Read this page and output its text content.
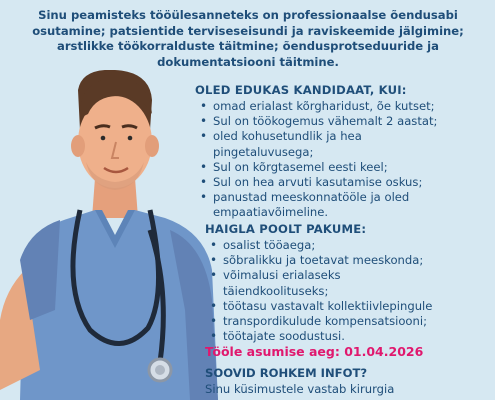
Sinu peamisteks tööülesanneteks on professionaalse õendusabi
osutamine; patsientide terviseseisundi ja raviskeemide jälgimine;
arstlikke töökorralduste täitmine; õendusprotseduuride ja
dokumentatsiooni täitmine.
OLED EDUKAS KANDIDAAT, KUI:
• omad erialast kõrgharidust, õe kutset;
• Sul on töökogemus vähemalt 2 aastat;
• oled kohusetundlik ja hea
pingetaluvusega;
• Sul on kõrgtasemel eesti keel;
• Sul on hea arvuti kasutamise oskus;
• panustad meeskonnatööle ja oled
empaatiavõimeline.
HAIGLA POOLT PAKUME:
• osalist tööaega;
• sõbralikku ja toetavat meeskonda;
• võimalusi erialaseks
täiendkoolituseks;
• töötasu vastavalt kollektiivlepingule
• transpordikulude kompensatsiooni;
• töötajate soodustusi.
Tööle asumise aeg: 01.04.2026
SOOVID ROHKEM INFOT?
Sinu küsimustele vastab kirurgia
